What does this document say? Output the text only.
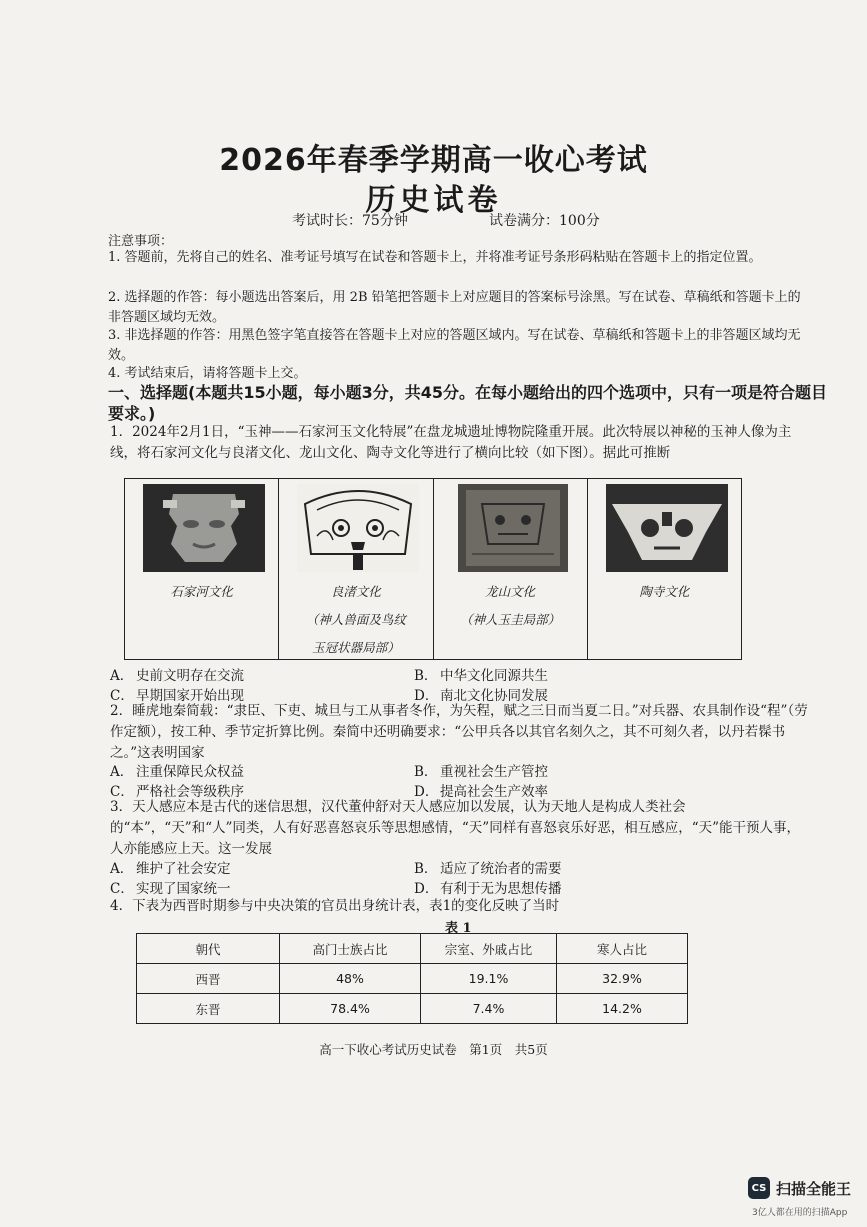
2026年春季学期高一收心考试
历史试卷
考试时长：75分钟	试卷满分：100分
注意事项：
1. 答题前，先将自己的姓名、准考证号填写在试卷和答题卡上，并将准考证号条形码粘贴在答题卡上的指定位置。
2. 选择题的作答：每小题选出答案后，用 2B 铅笔把答题卡上对应题目的答案标号涂黑。写在试卷、草稿纸和答题卡上的非答题区域均无效。
3. 非选择题的作答：用黑色签字笔直接答在答题卡上对应的答题区域内。写在试卷、草稿纸和答题卡上的非答题区域均无效。
4. 考试结束后，请将答题卡上交。
一、选择题(本题共15小题，每小题3分，共45分。在每小题给出的四个选项中，只有一项是符合题目要求。)
1．2024年2月1日，“玉神——石家河玉文化特展”在盘龙城遗址博物院隆重开展。此次特展以神秘的玉神人像为主线，将石家河文化与良渚文化、龙山文化、陶寺文化等进行了横向比较（如下图）。据此可推断
石家河文化	良渚文化
（神人兽面及鸟纹
玉冠状器局部）
龙山文化
（神人玉圭局部）
陶寺文化
A． 史前文明存在交流	B． 中华文化同源共生
C． 早期国家开始出现	D． 南北文化协同发展
2．睡虎地秦简载：“隶臣、下吏、城旦与工从事者冬作，为矢程，赋之三日而当夏二日。”对兵器、农具制作设“程”（劳作定额），按工种、季节定折算比例。秦简中还明确要求：“公甲兵各以其官名刻久之，其不可刻久者，以丹若髹书之。”这表明国家
A． 注重保障民众权益	B． 重视社会生产管控
C． 严格社会等级秩序	D． 提高社会生产效率
3．天人感应本是古代的迷信思想，汉代董仲舒对天人感应加以发展，认为天地人是构成人类社会的“本”，“天”和“人”同类，人有好恶喜怒哀乐等思想感情，“天”同样有喜怒哀乐好恶，相互感应，“天”能干预人事，人亦能感应上天。这一发展
A． 维护了社会安定	B． 适应了统治者的需要
C． 实现了国家统一	D． 有利于无为思想传播
4．下表为西晋时期参与中央决策的官员出身统计表，表1的变化反映了当时
表 1
朝代	高门士族占比	宗室、外戚占比	寒人占比
西晋	48%	19.1%	32.9%
东晋	78.4%	7.4%	14.2%
高一下收心考试历史试卷　第1页　共5页
CS 扫描全能王
3亿人都在用的扫描App
